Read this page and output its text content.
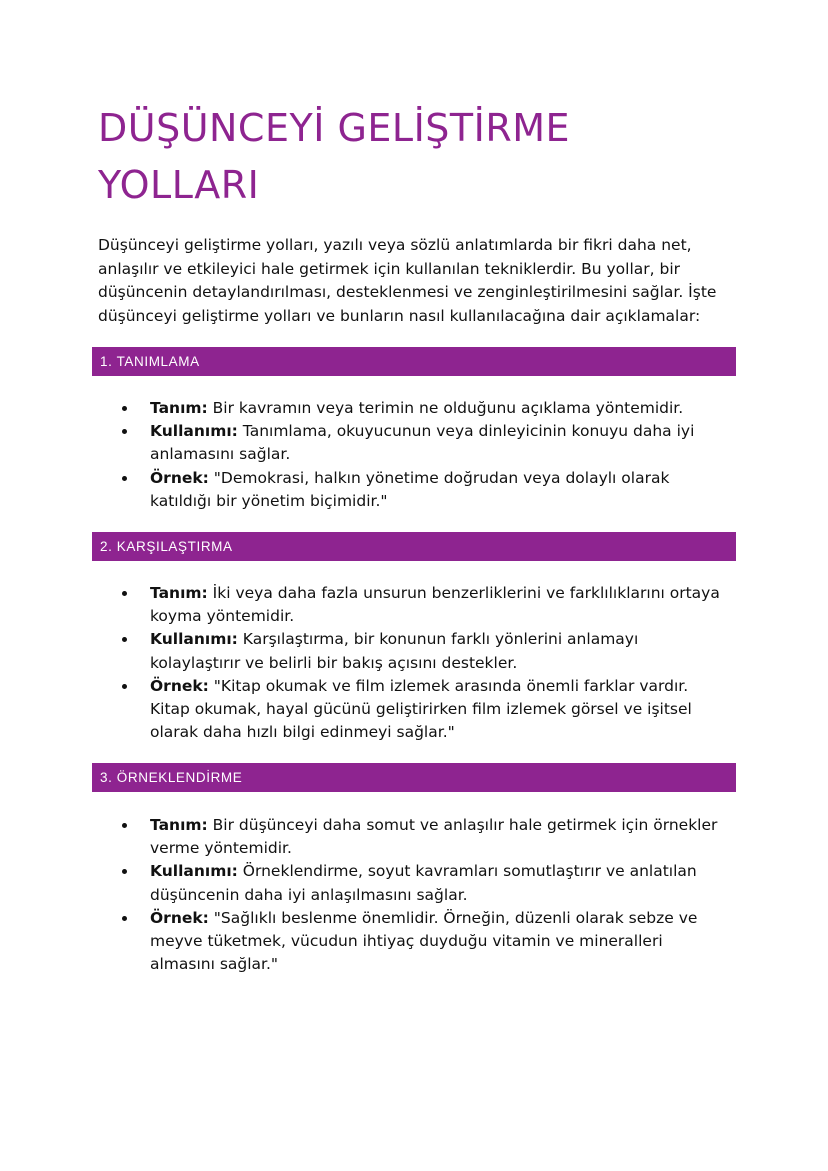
DÜŞÜNCEYİ GELİŞTİRME
YOLLARI

Düşünceyi geliştirme yolları, yazılı veya sözlü anlatımlarda bir fikri daha net, anlaşılır ve etkileyici hale getirmek için kullanılan tekniklerdir. Bu yollar, bir düşüncenin detaylandırılması, desteklenmesi ve zenginleştirilmesini sağlar. İşte düşünceyi geliştirme yolları ve bunların nasıl kullanılacağına dair açıklamalar:

1. TANIMLAMA
Tanım: Bir kavramın veya terimin ne olduğunu açıklama yöntemidir.
Kullanımı: Tanımlama, okuyucunun veya dinleyicinin konuyu daha iyi anlamasını sağlar.
Örnek: "Demokrasi, halkın yönetime doğrudan veya dolaylı olarak katıldığı bir yönetim biçimidir."
2. KARŞILAŞTIRMA
Tanım: İki veya daha fazla unsurun benzerliklerini ve farklılıklarını ortaya koyma yöntemidir.
Kullanımı: Karşılaştırma, bir konunun farklı yönlerini anlamayı kolaylaştırır ve belirli bir bakış açısını destekler.
Örnek: "Kitap okumak ve film izlemek arasında önemli farklar vardır. Kitap okumak, hayal gücünü geliştirirken film izlemek görsel ve işitsel olarak daha hızlı bilgi edinmeyi sağlar."
3. ÖRNEKLENDİRME
Tanım: Bir düşünceyi daha somut ve anlaşılır hale getirmek için örnekler verme yöntemidir.
Kullanımı: Örneklendirme, soyut kavramları somutlaştırır ve anlatılan düşüncenin daha iyi anlaşılmasını sağlar.
Örnek: "Sağlıklı beslenme önemlidir. Örneğin, düzenli olarak sebze ve meyve tüketmek, vücudun ihtiyaç duyduğu vitamin ve mineralleri almasını sağlar."
